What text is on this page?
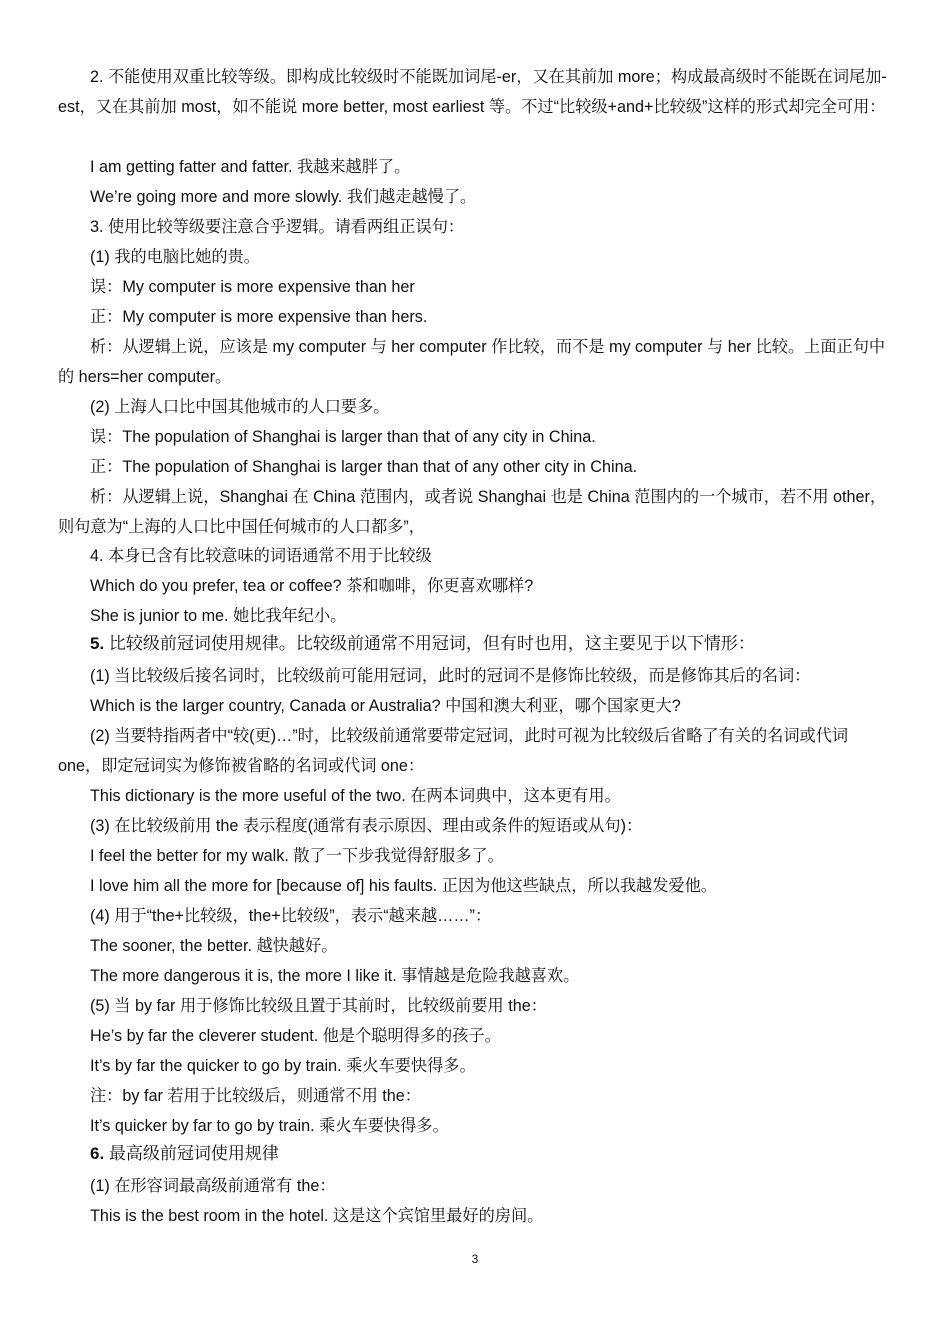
2. 不能使用双重比较等级。即构成比较级时不能既加词尾-er，又在其前加 more；构成最高级时不能既在词尾加-est，又在其前加 most，如不能说 more better, most earliest 等。不过“比较级+and+比较级”这样的形式却完全可用：
I am getting fatter and fatter. 我越来越胖了。
We’re going more and more slowly. 我们越走越慢了。
3. 使用比较等级要注意合乎逻辑。请看两组正误句：
(1) 我的电脑比她的贵。
误：My computer is more expensive than her
正：My computer is more expensive than hers.
析：从逻辑上说，应该是 my computer 与 her computer 作比较，而不是 my computer 与 her 比较。上面正句中的 hers=her computer。
(2) 上海人口比中国其他城市的人口要多。
误：The population of Shanghai is larger than that of any city in China.
正：The population of Shanghai is larger than that of any other city in China.
析：从逻辑上说，Shanghai 在 China 范围内，或者说 Shanghai 也是 China 范围内的一个城市，若不用 other，则句意为“上海的人口比中国任何城市的人口都多”，
4. 本身已含有比较意味的词语通常不用于比较级
Which do you prefer, tea or coffee? 茶和咖啡，你更喜欢哪样?
She is junior to me. 她比我年纪小。
5. 比较级前冠词使用规律。比较级前通常不用冠词，但有时也用，这主要见于以下情形：
(1) 当比较级后接名词时，比较级前可能用冠词，此时的冠词不是修饰比较级，而是修饰其后的名词：
Which is the larger country, Canada or Australia? 中国和澳大利亚，哪个国家更大?
(2) 当要特指两者中“较(更)…”时，比较级前通常要带定冠词，此时可视为比较级后省略了有关的名词或代词 one，即定冠词实为修饰被省略的名词或代词 one：
This dictionary is the more useful of the two. 在两本词典中，这本更有用。
(3) 在比较级前用 the 表示程度(通常有表示原因、理由或条件的短语或从句)：
I feel the better for my walk. 散了一下步我觉得舒服多了。
I love him all the more for [because of] his faults. 正因为他这些缺点，所以我越发爱他。
(4) 用于“the+比较级，the+比较级”，表示“越来越……”：
The sooner, the better. 越快越好。
The more dangerous it is, the more I like it. 事情越是危险我越喜欢。
(5) 当 by far 用于修饰比较级且置于其前时，比较级前要用 the：
He’s by far the cleverer student. 他是个聪明得多的孩子。
It’s by far the quicker to go by train. 乘火车要快得多。
注：by far 若用于比较级后，则通常不用 the：
It’s quicker by far to go by train. 乘火车要快得多。
6. 最高级前冠词使用规律
(1) 在形容词最高级前通常有 the：
This is the best room in the hotel. 这是这个宾馆里最好的房间。
3
